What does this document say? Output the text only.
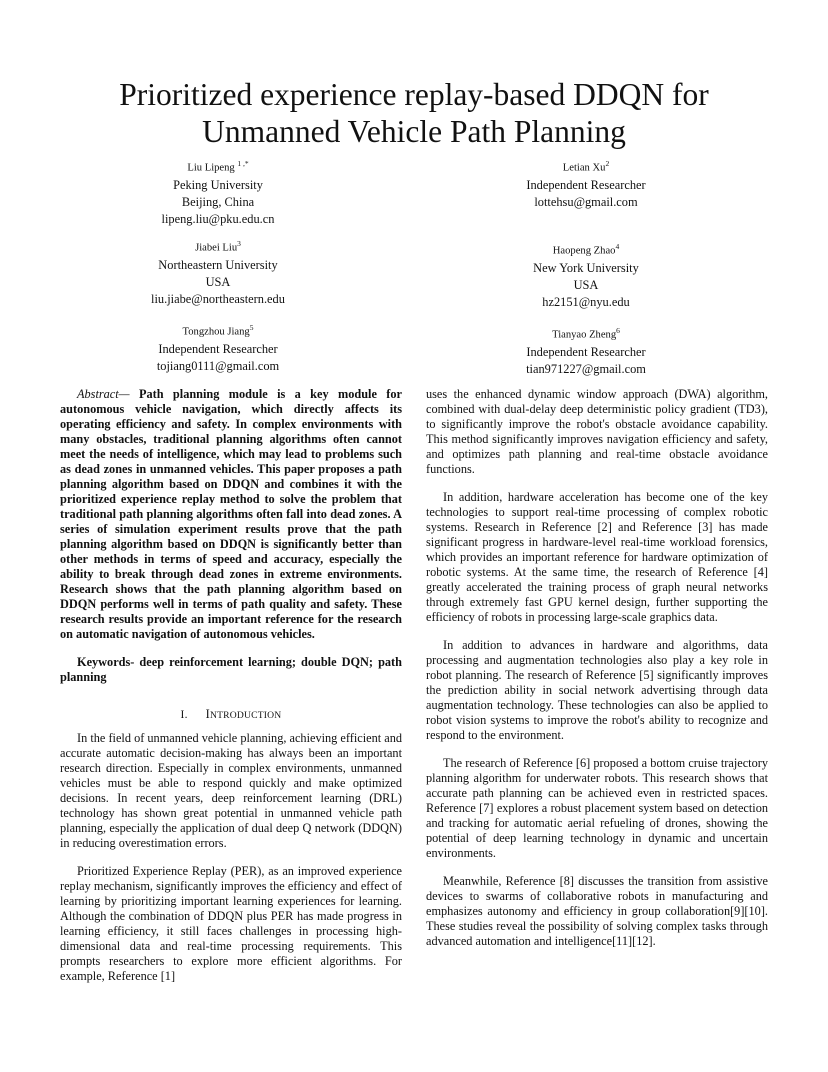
Prioritized experience replay-based DDQN for
Unmanned Vehicle Path Planning
Liu Lipeng $^{1 ,*}$
Peking University
Beijing, China
lipeng.liu@pku.edu.cn
Letian Xu$^2$
Independent Researcher
lottehsu@gmail.com
Jiabei Liu$^3$
Northeastern University
USA
liu.jiabe@northeastern.edu
Haopeng Zhao$^4$
New York University
USA
hz2151@nyu.edu
Tongzhou Jiang$^5$
Independent Researcher
tojiang0111@gmail.com
Tianyao Zheng$^6$
Independent Researcher
tian971227@gmail.com

Abstract— Path planning module is a key module for autonomous vehicle navigation, which directly affects its operating efficiency and safety. In complex environments with many obstacles, traditional planning algorithms often cannot meet the needs of intelligence, which may lead to problems such as dead zones in unmanned vehicles. This paper proposes a path planning algorithm based on DDQN and combines it with the prioritized experience replay method to solve the problem that traditional path planning algorithms often fall into dead zones. A series of simulation experiment results prove that the path planning algorithm based on DDQN is significantly better than other methods in terms of speed and accuracy, especially the ability to break through dead zones in extreme environments. Research shows that the path planning algorithm based on DDQN performs well in terms of path quality and safety. These research results provide an important reference for the research on automatic navigation of autonomous vehicles.

Keywords- deep reinforcement learning; double DQN; path planning

I. INTRODUCTION

In the field of unmanned vehicle planning, achieving efficient and accurate automatic decision-making has always been an important research direction. Especially in complex environments, unmanned vehicles must be able to respond quickly and make optimized decisions. In recent years, deep reinforcement learning (DRL) technology has shown great potential in unmanned vehicle path planning, especially the application of dual deep Q network (DDQN) in reducing overestimation errors.

Prioritized Experience Replay (PER), as an improved experience replay mechanism, significantly improves the efficiency and effect of learning by prioritizing important learning experiences for learning. Although the combination of DDQN plus PER has made progress in learning efficiency, it still faces challenges in processing high-dimensional data and real-time processing requirements. This prompts researchers to explore more efficient algorithms. For example, Reference [1]

uses the enhanced dynamic window approach (DWA) algorithm, combined with dual-delay deep deterministic policy gradient (TD3), to significantly improve the robot's obstacle avoidance capability. This method significantly improves navigation efficiency and safety, and optimizes path planning and real-time obstacle avoidance functions.

In addition, hardware acceleration has become one of the key technologies to support real-time processing of complex robotic systems. Research in Reference [2] and Reference [3] has made significant progress in hardware-level real-time workload forensics, which provides an important reference for hardware optimization of robotic systems. At the same time, the research of Reference [4] greatly accelerated the training process of graph neural networks through extremely fast GPU kernel design, further supporting the efficiency of robots in processing large-scale graphics data.

In addition to advances in hardware and algorithms, data processing and augmentation technologies also play a key role in robot planning. The research of Reference [5] significantly improves the prediction ability in social network advertising through data augmentation technology. These technologies can also be applied to robot vision systems to improve the robot's ability to recognize and respond to the environment.

The research of Reference [6] proposed a bottom cruise trajectory planning algorithm for underwater robots. This research shows that accurate path planning can be achieved even in restricted spaces. Reference [7] explores a robust placement system based on detection and tracking for automatic aerial refueling of drones, showing the potential of deep learning technology in dynamic and uncertain environments.

Meanwhile, Reference [8] discusses the transition from assistive devices to swarms of collaborative robots in manufacturing and emphasizes autonomy and efficiency in group collaboration[9][10]. These studies reveal the possibility of solving complex tasks through advanced automation and intelligence[11][12].
